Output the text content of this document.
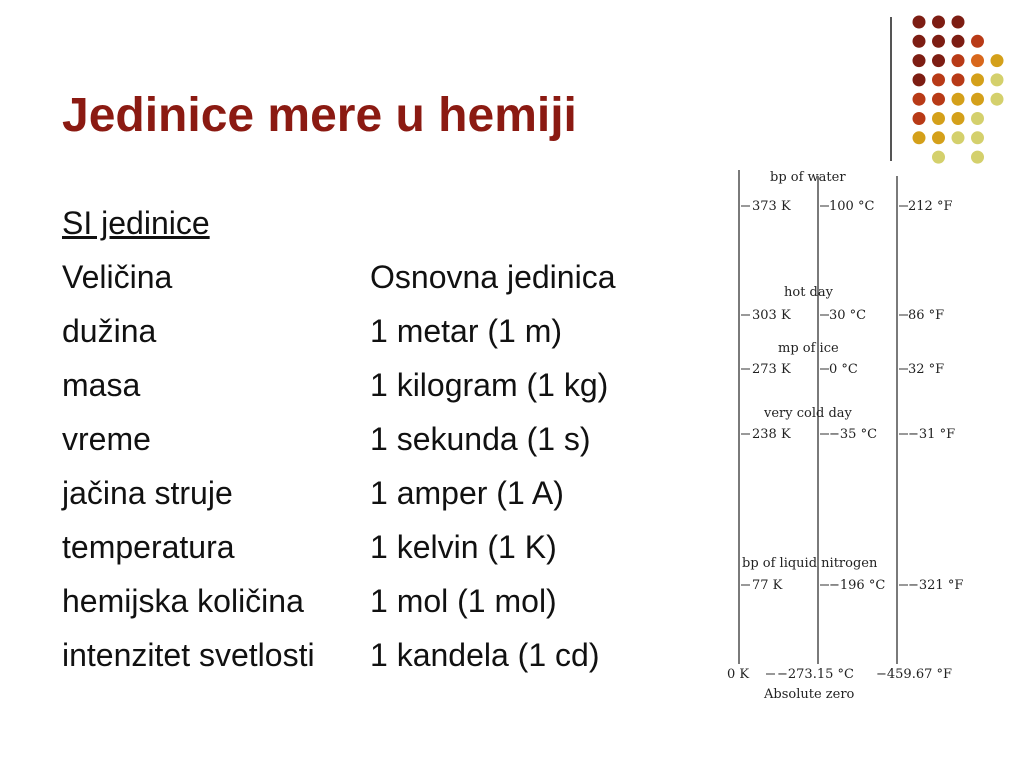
Jedinice mere u hemiji
SI jedinice
Veličina	Osnovna jedinica
dužina	1 metar (1 m)
masa	1 kilogram (1 kg)
vreme	1 sekunda (1 s)
jačina struje	1 amper (1 A)
temperatura	1 kelvin (1 K)
hemijska količina 1 mol (1 mol)
intenzitet svetlosti 1 kandela (1 cd)
bp of water
373 K	100 °C	212 °F
hot day
303 K	30 °C	86 °F
mp of ice
273 K	0 °C	32 °F
very cold day
238 K	−35 °C −31 °F
bp of liquid nitrogen
77 K	−196 °C −321 °F
0 K −273.15 °C −459.67 °F
Absolute zero
